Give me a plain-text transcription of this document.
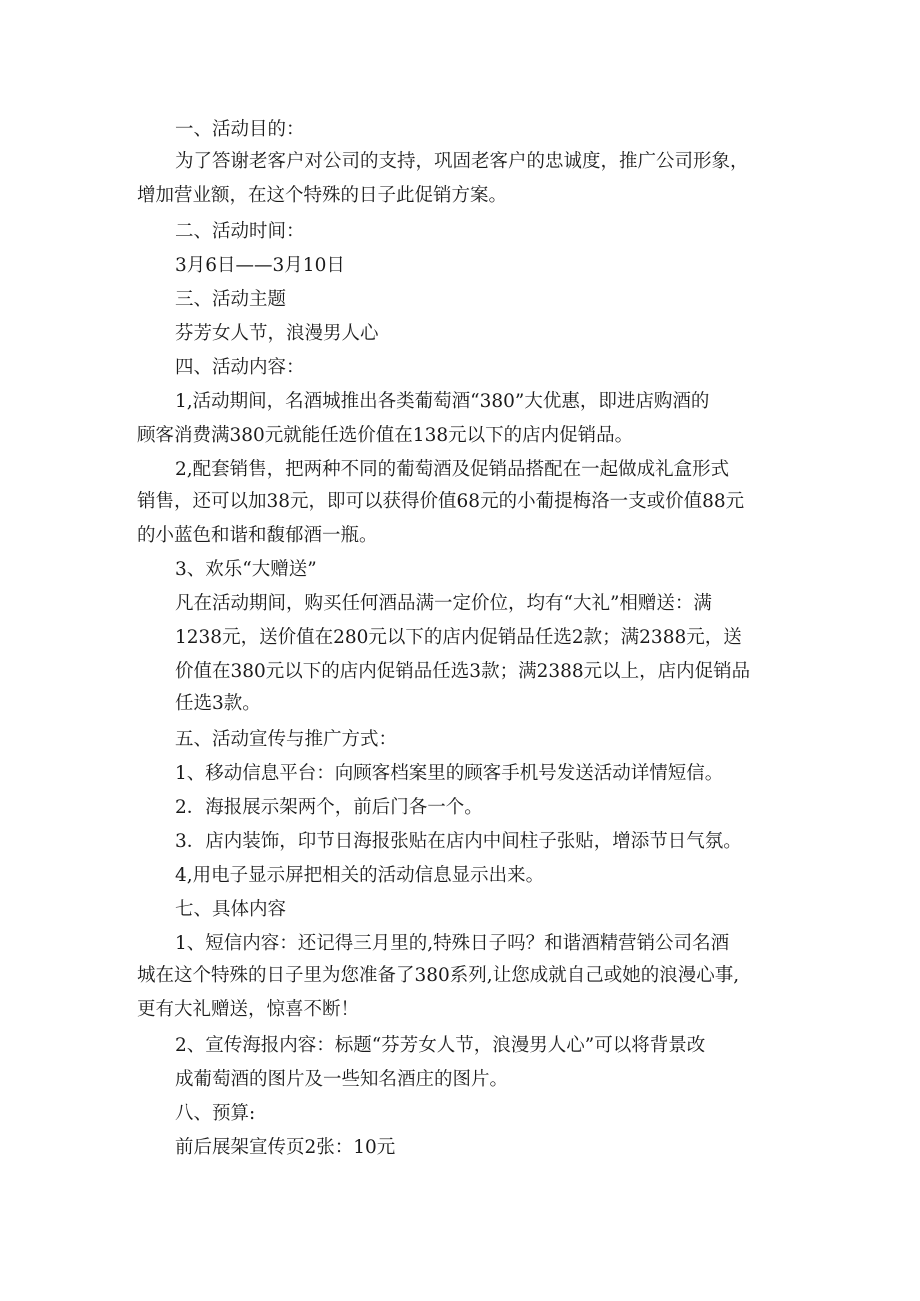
一、活动目的：

为了答谢老客户对公司的支持，巩固老客户的忠诚度，推广公司形象，

增加营业额，在这个特殊的日子此促销方案。

二、活动时间：

3月6日——3月10日

三、活动主题

芬芳女人节，浪漫男人心

四、活动内容：

1,活动期间，名酒城推出各类葡萄酒“380”大优惠，即进店购酒的

顾客消费满380元就能任选价值在138元以下的店内促销品。

2,配套销售，把两种不同的葡萄酒及促销品搭配在一起做成礼盒形式

销售，还可以加38元，即可以获得价值68元的小葡提梅洛一支或价值88元

的小蓝色和谐和馥郁酒一瓶。

3、欢乐“大赠送”

凡在活动期间，购买任何酒品满一定价位，均有“大礼”相赠送：满

1238元，送价值在280元以下的店内促销品任选2款；满2388元，送

价值在380元以下的店内促销品任选3款；满2388元以上，店内促销品

任选3款。

五、活动宣传与推广方式：

1、移动信息平台：向顾客档案里的顾客手机号发送活动详情短信。

2．海报展示架两个，前后门各一个。

3．店内装饰，印节日海报张贴在店内中间柱子张贴，增添节日气氛。

4,用电子显示屏把相关的活动信息显示出来。

七、具体内容

1、短信内容：还记得三月里的,特殊日子吗？和谐酒精营销公司名酒

城在这个特殊的日子里为您准备了380系列,让您成就自己或她的浪漫心事,

更有大礼赠送，惊喜不断！

2、宣传海报内容：标题“芬芳女人节，浪漫男人心”可以将背景改

成葡萄酒的图片及一些知名酒庄的图片。

八、预算:

前后展架宣传页2张：10元
